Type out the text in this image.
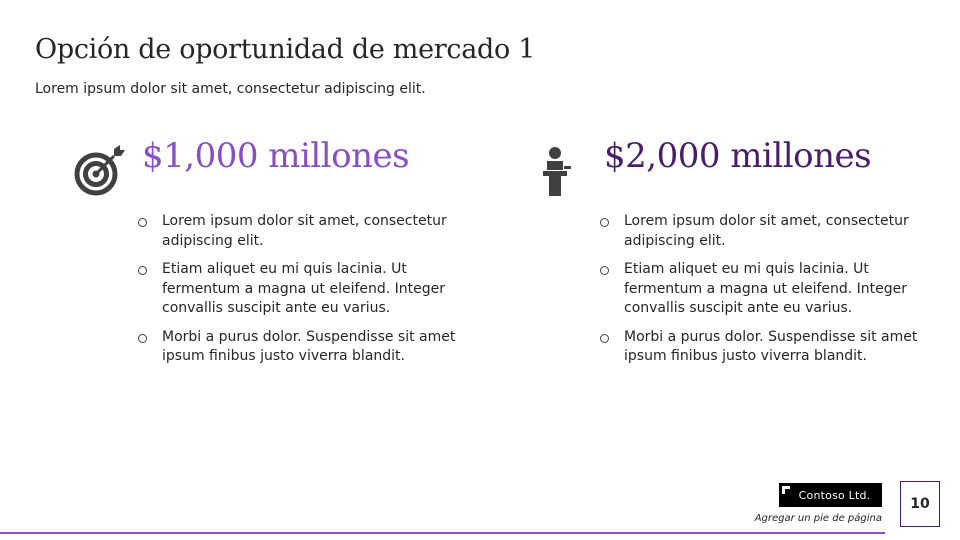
Opción de oportunidad de mercado 1
Lorem ipsum dolor sit amet, consectetur adipiscing elit.
$1,000 millones
Lorem ipsum dolor sit amet, consectetur adipiscing elit.
Etiam aliquet eu mi quis lacinia. Ut fermentum a magna ut eleifend. Integer convallis suscipit ante eu varius.
Morbi a purus dolor. Suspendisse sit amet ipsum finibus justo viverra blandit.
$2,000 millones
Lorem ipsum dolor sit amet, consectetur adipiscing elit.
Etiam aliquet eu mi quis lacinia. Ut fermentum a magna ut eleifend. Integer convallis suscipit ante eu varius.
Morbi a purus dolor. Suspendisse sit amet ipsum finibus justo viverra blandit.
Contoso Ltd.
Agregar un pie de página
10
